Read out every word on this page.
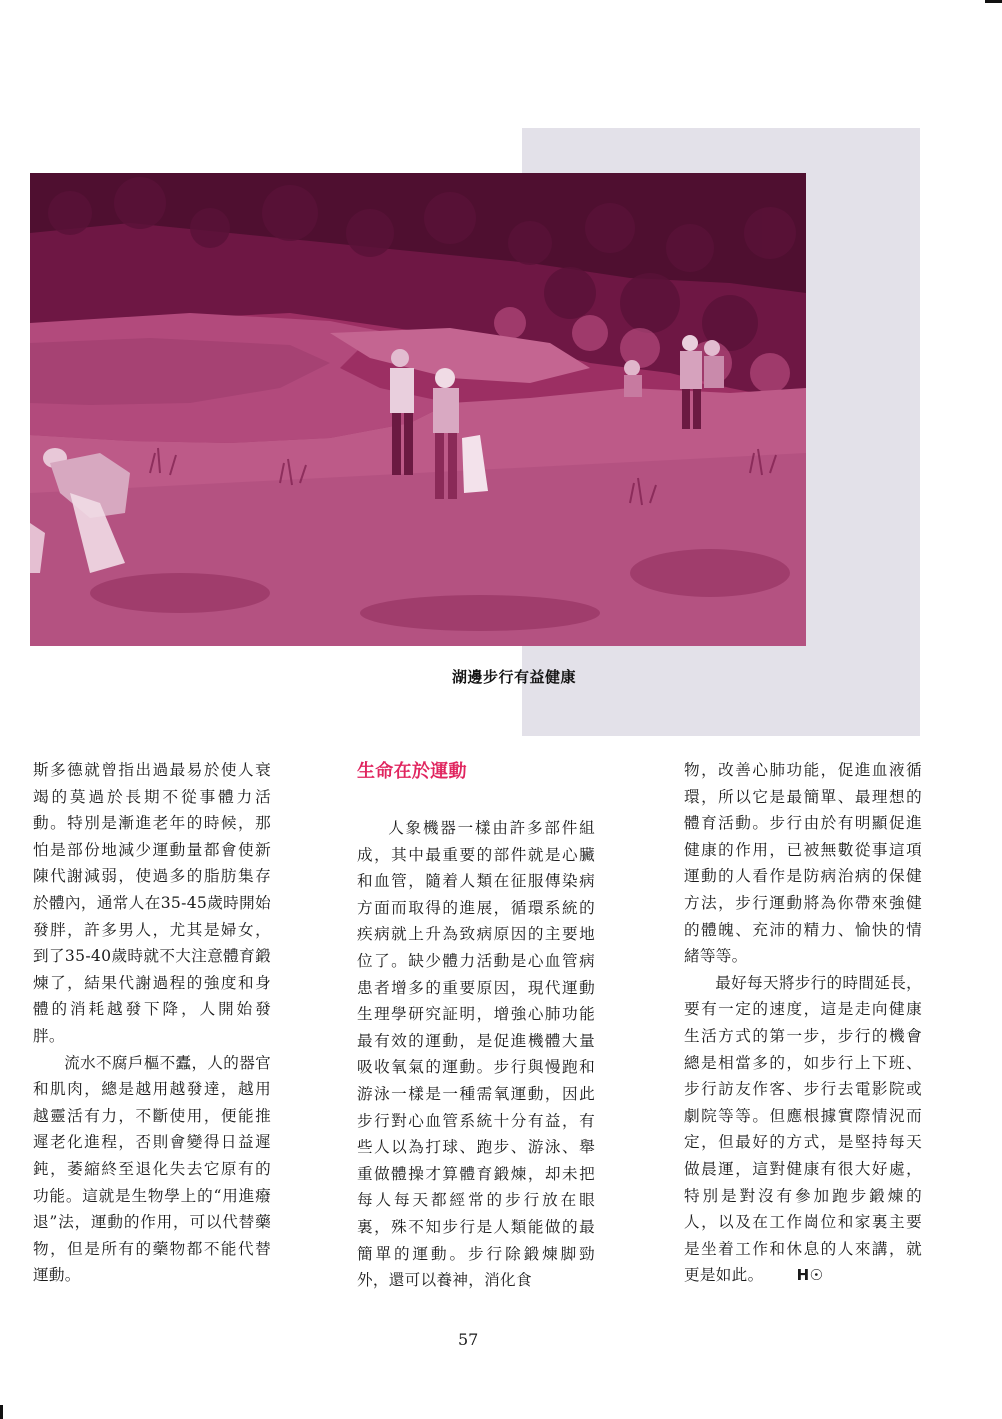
湖邊步行有益健康

斯多德就曾指出過最易於使人衰竭的莫過於長期不從事體力活動。特別是漸進老年的時候，那怕是部份地減少運動量都會使新陳代謝減弱，使過多的脂肪集存於體內，通常人在35-45歲時開始發胖，許多男人，尤其是婦女，到了35-40歲時就不大注意體育鍛煉了，結果代謝過程的強度和身體的消耗越發下降，人開始發胖。

流水不腐戶樞不蠹，人的器官和肌肉，總是越用越發達，越用越靈活有力，不斷使用，便能推遲老化進程，否則會變得日益遲鈍，萎縮終至退化失去它原有的功能。這就是生物學上的“用進癈退”法，運動的作用，可以代替藥物，但是所有的藥物都不能代替運動。

生命在於運動

人象機器一樣由許多部件組成，其中最重要的部件就是心臟和血管，隨着人類在征服傳染病方面而取得的進展，循環系統的疾病就上升為致病原因的主要地位了。缺少體力活動是心血管病患者增多的重要原因，現代運動生理學研究証明，增強心肺功能最有效的運動，是促進機體大量吸收氧氣的運動。步行與慢跑和游泳一樣是一種需氧運動，因此步行對心血管系統十分有益，有些人以為打球、跑步、游泳、舉重做體操才算體育鍛煉，却未把每人每天都經常的步行放在眼裏，殊不知步行是人類能做的最簡單的運動。步行除鍛煉脚勁外，還可以養神，消化食

物，改善心肺功能，促進血液循環，所以它是最簡單、最理想的體育活動。步行由於有明顯促進健康的作用，已被無數從事這項運動的人看作是防病治病的保健方法，步行運動將為你帶來強健的體魄、充沛的精力、愉快的情緒等等。

最好每天將步行的時間延長，要有一定的速度，這是走向健康生活方式的第一步，步行的機會總是相當多的，如步行上下班、步行訪友作客、步行去電影院或劇院等等。但應根據實際情況而定，但最好的方式，是堅持每天做晨運，這對健康有很大好處，特別是對沒有參加跑步鍛煉的人，以及在工作崗位和家裏主要是坐着工作和休息的人來講，就更是如此。 H☉

57
